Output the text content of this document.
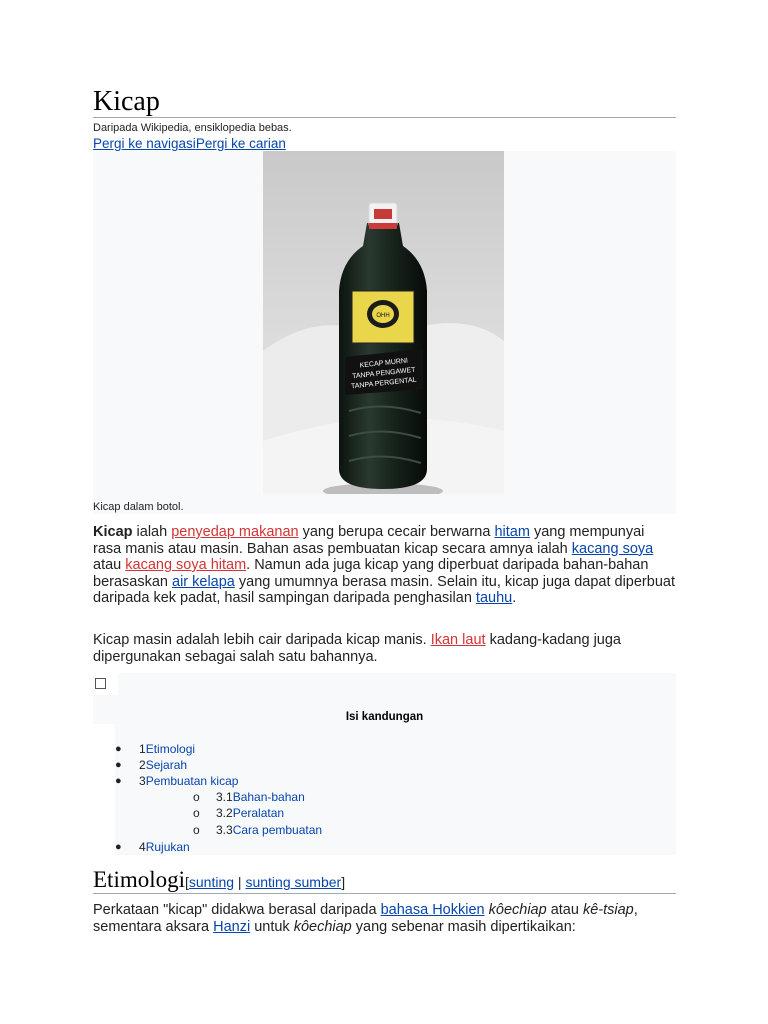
Kicap
Daripada Wikipedia, ensiklopedia bebas.
Pergi ke navigasiPergi ke carian
OHH
KECAP MURNI
TANPA PENGAWET
TANPA PERGENTAL
Kicap dalam botol.

Kicap ialah penyedap makanan yang berupa cecair berwarna hitam yang mempunyai rasa manis atau masin. Bahan asas pembuatan kicap secara amnya ialah kacang soya atau kacang soya hitam. Namun ada juga kicap yang diperbuat daripada bahan-bahan berasaskan air kelapa yang umumnya berasa masin. Selain itu, kicap juga dapat diperbuat daripada kek padat, hasil sampingan daripada penghasilan tauhu.

Kicap masin adalah lebih cair daripada kicap manis. Ikan laut kadang-kadang juga dipergunakan sebagai salah satu bahannya.

Isi kandungan
● 1Etimologi
● 2Sejarah
● 3Pembuatan kicap
o 3.1Bahan-bahan
o 3.2Peralatan
o 3.3Cara pembuatan
● 4Rujukan
Etimologi[sunting | sunting sumber]

Perkataan "kicap" didakwa berasal daripada bahasa Hokkien kôechiap atau kê-tsiap, sementara aksara Hanzi untuk kôechiap yang sebenar masih dipertikaikan:
